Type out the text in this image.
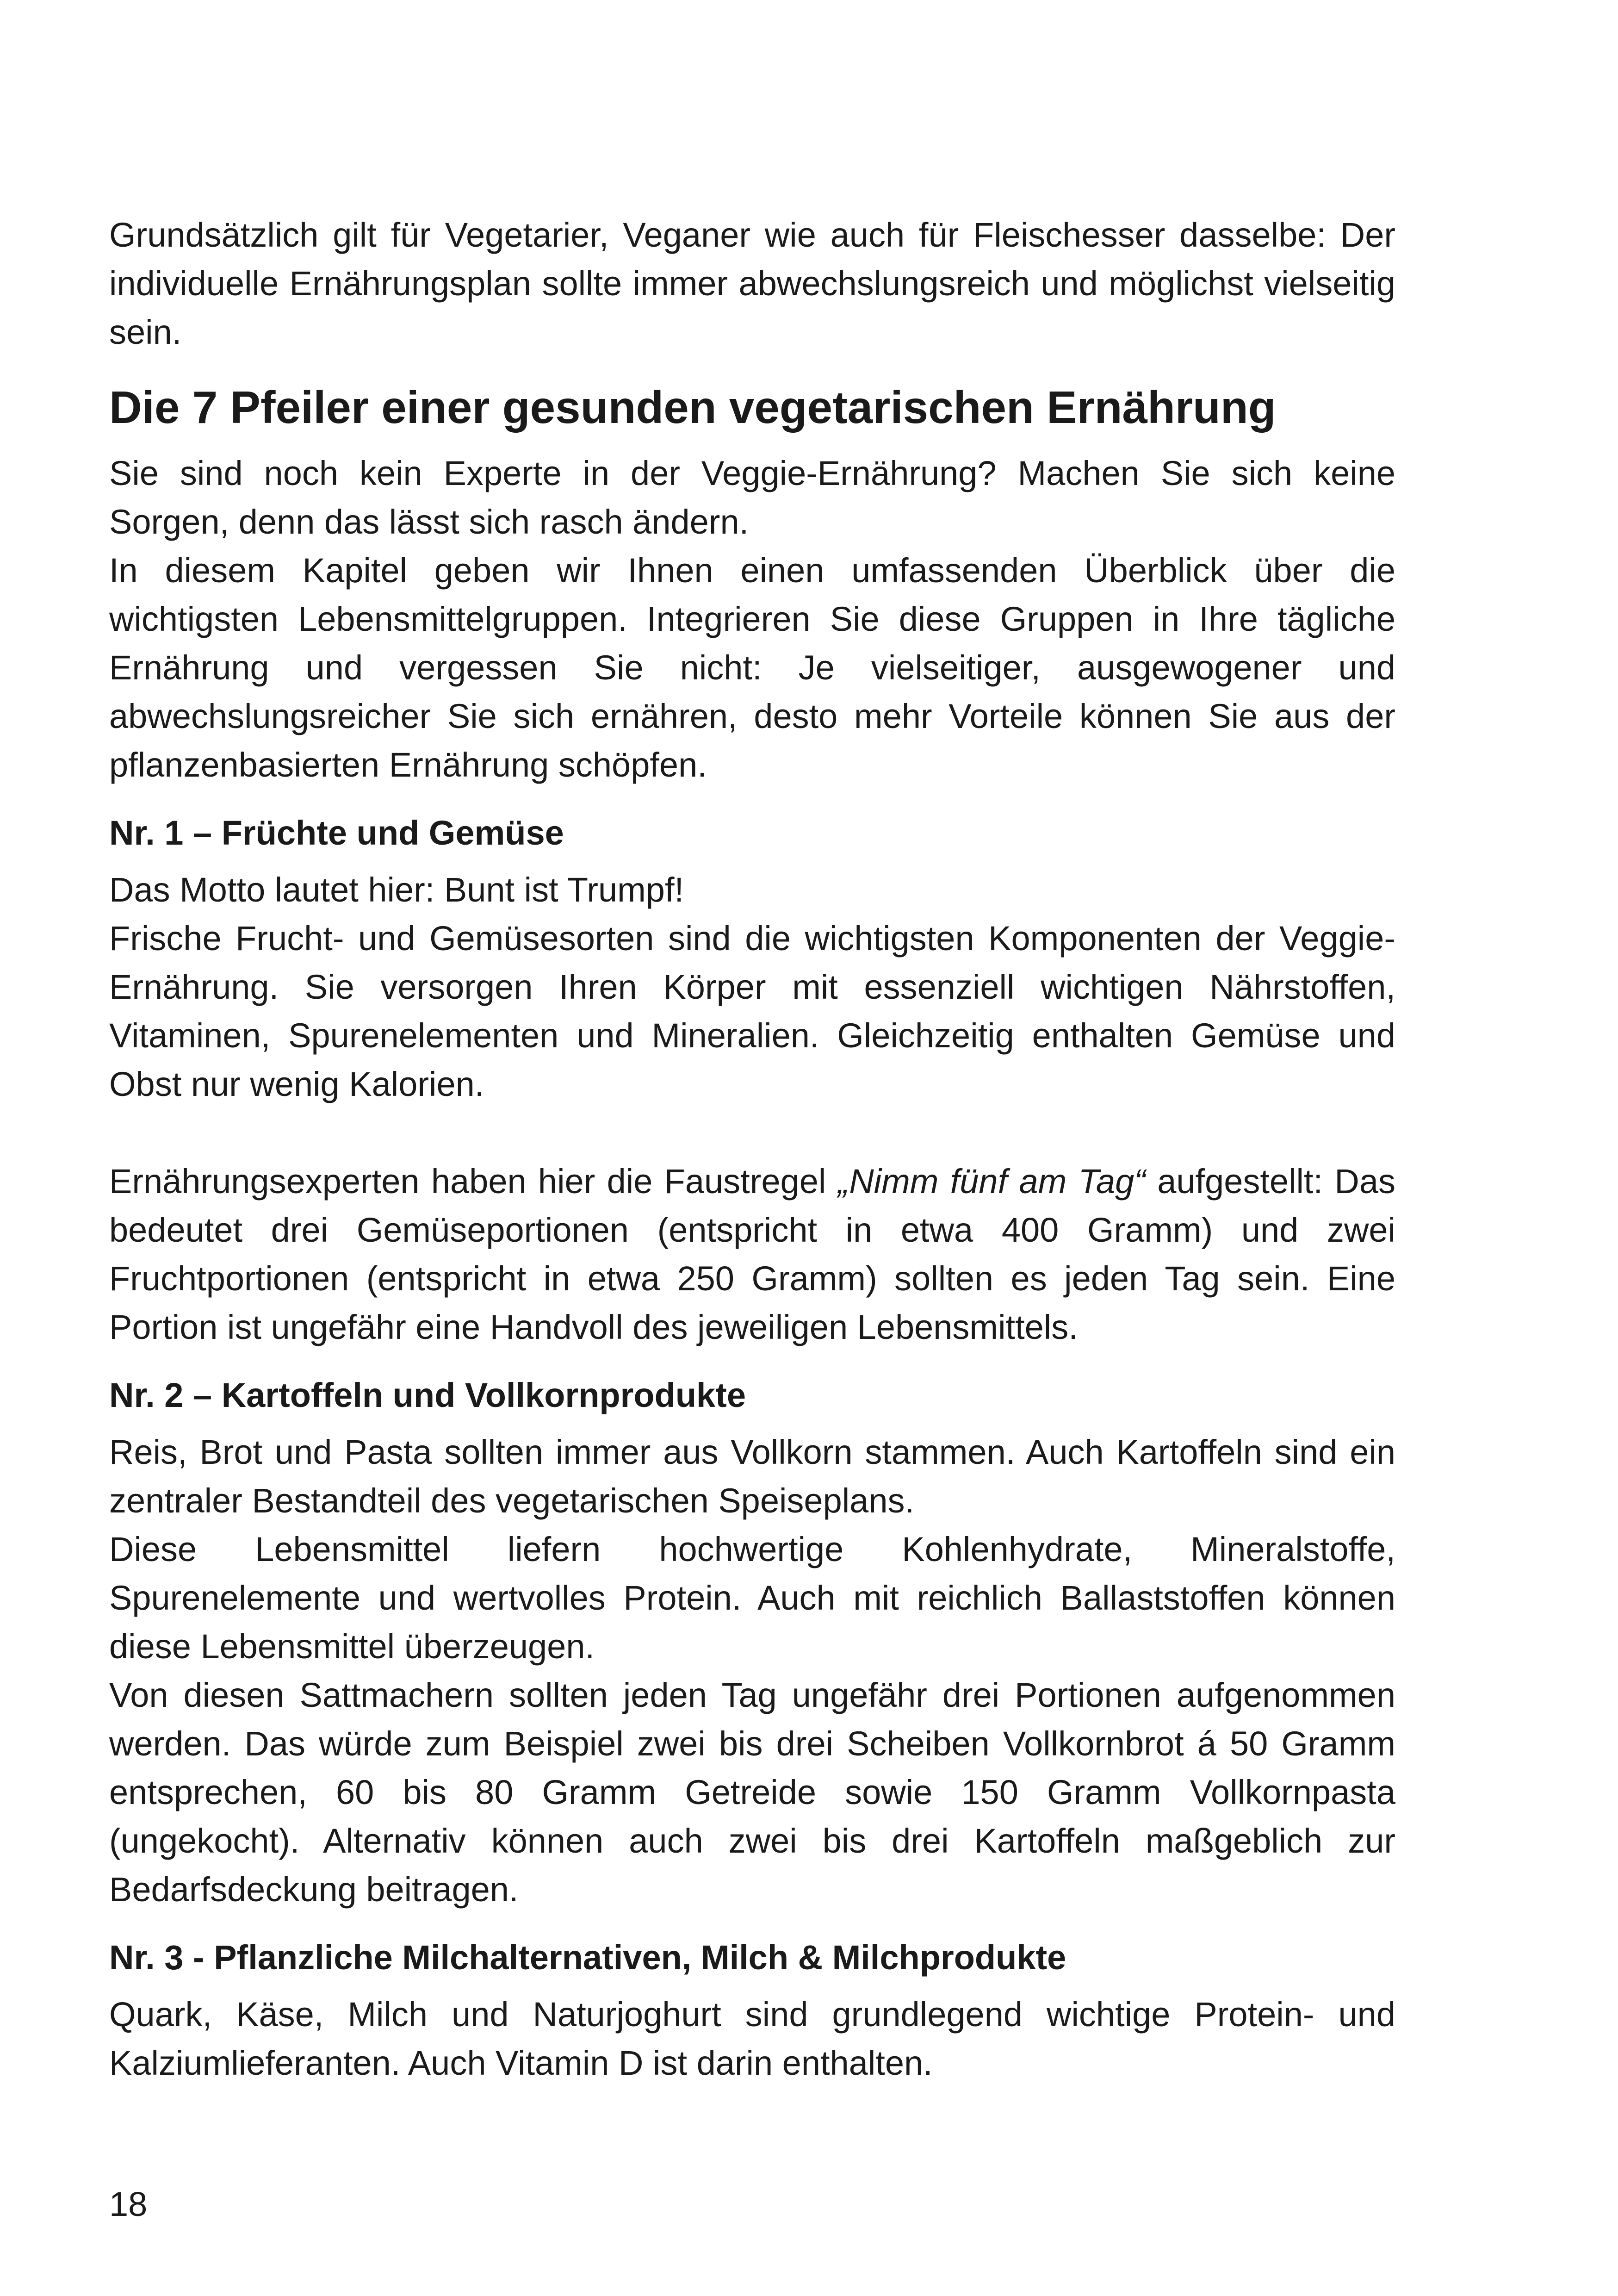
Grundsätzlich gilt für Vegetarier, Veganer wie auch für Fleischesser dasselbe: Der individuelle Ernährungsplan sollte immer abwechslungsreich und möglichst vielseitig sein.

Die 7 Pfeiler einer gesunden vegetarischen Ernährung

Sie sind noch kein Experte in der Veggie-Ernährung? Machen Sie sich keine Sorgen, denn das lässt sich rasch ändern.

In diesem Kapitel geben wir Ihnen einen umfassenden Überblick über die wichtigsten Lebensmittelgruppen. Integrieren Sie diese Gruppen in Ihre tägliche Ernährung und vergessen Sie nicht: Je vielseitiger, ausgewogener und abwechslungsreicher Sie sich ernähren, desto mehr Vorteile können Sie aus der pflanzenbasierten Ernährung schöpfen.

Nr. 1 – Früchte und Gemüse

Das Motto lautet hier: Bunt ist Trumpf!

Frische Frucht- und Gemüsesorten sind die wichtigsten Komponenten der Veggie-Ernährung. Sie versorgen Ihren Körper mit essenziell wichtigen Nährstoffen, Vitaminen, Spurenelementen und Mineralien. Gleichzeitig enthalten Gemüse und Obst nur wenig Kalorien.

Ernährungsexperten haben hier die Faustregel „Nimm fünf am Tag“ aufgestellt: Das bedeutet drei Gemüseportionen (entspricht in etwa 400 Gramm) und zwei Fruchtportionen (entspricht in etwa 250 Gramm) sollten es jeden Tag sein. Eine Portion ist ungefähr eine Handvoll des jeweiligen Lebensmittels.

Nr. 2 – Kartoffeln und Vollkornprodukte

Reis, Brot und Pasta sollten immer aus Vollkorn stammen. Auch Kartoffeln sind ein zentraler Bestandteil des vegetarischen Speiseplans.

Diese Lebensmittel liefern hochwertige Kohlenhydrate, Mineralstoffe, Spurenelemente und wertvolles Protein. Auch mit reichlich Ballaststoffen können diese Lebensmittel überzeugen.

Von diesen Sattmachern sollten jeden Tag ungefähr drei Portionen aufgenommen werden. Das würde zum Beispiel zwei bis drei Scheiben Vollkornbrot á 50 Gramm entsprechen, 60 bis 80 Gramm Getreide sowie 150 Gramm Vollkornpasta (ungekocht). Alternativ können auch zwei bis drei Kartoffeln maßgeblich zur Bedarfsdeckung beitragen.

Nr. 3 - Pflanzliche Milchalternativen, Milch & Milchprodukte

Quark, Käse, Milch und Naturjoghurt sind grundlegend wichtige Protein- und Kalziumlieferanten. Auch Vitamin D ist darin enthalten.

18
